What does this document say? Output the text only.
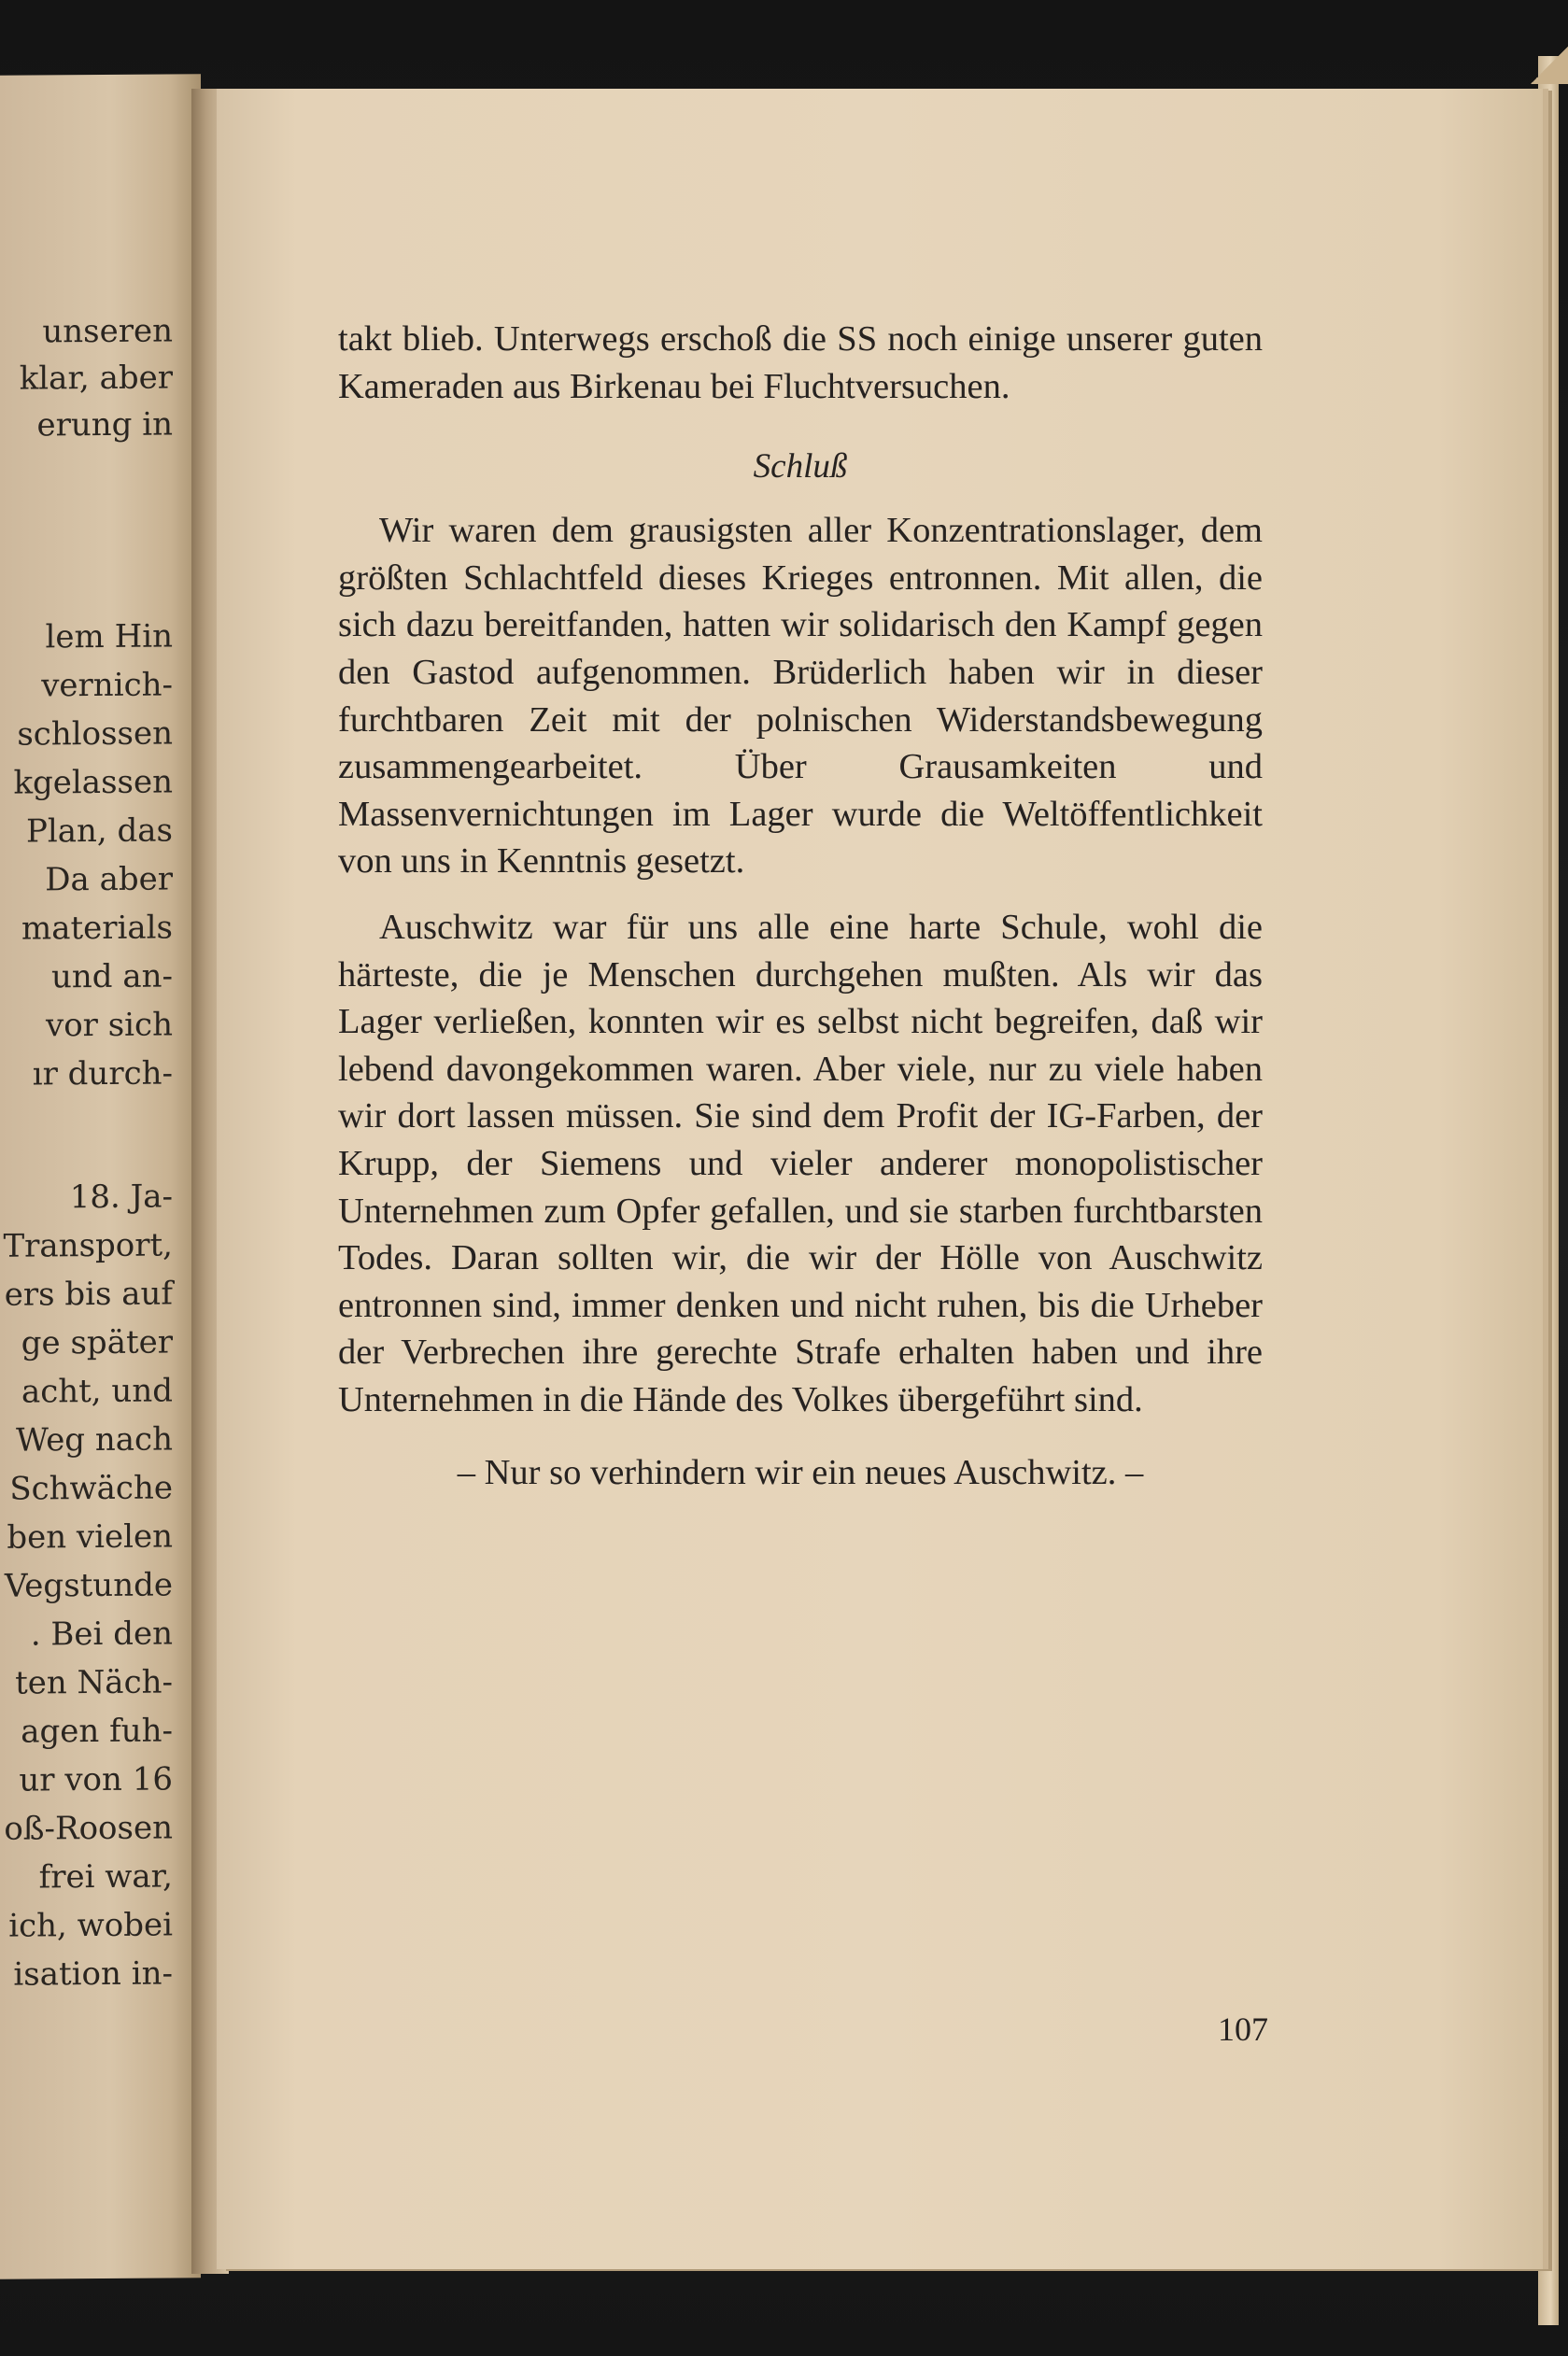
unseren
klar, aber
erung in
lem Hin
vernich-
schlossen
kgelassen
Plan, das
Da aber
materials
und an-
vor sich
ır durch-
18. Ja-
Transport,
ers bis auf
ge später
acht, und
Weg nach
Schwäche
ben vielen
Vegstunde
. Bei den
ten Näch-
agen fuh-
ur von 16
oß-Roosen
frei war,
ich, wobei
isation in-

takt blieb. Unterwegs erschoß die SS noch einige unserer guten Kameraden aus Birkenau bei Fluchtversuchen.

Schluß

Wir waren dem grausigsten aller Konzentrationslager, dem größten Schlachtfeld dieses Krieges entronnen. Mit allen, die sich dazu bereitfanden, hatten wir solidarisch den Kampf gegen den Gastod aufgenommen. Brüderlich haben wir in dieser furchtbaren Zeit mit der polnischen Widerstandsbewegung zusammengearbeitet. Über Grausamkeiten und Massenvernichtungen im Lager wurde die Weltöffentlichkeit von uns in Kenntnis gesetzt.

Auschwitz war für uns alle eine harte Schule, wohl die härteste, die je Menschen durchgehen mußten. Als wir das Lager verließen, konnten wir es selbst nicht begreifen, daß wir lebend davongekommen waren. Aber viele, nur zu viele haben wir dort lassen müssen. Sie sind dem Profit der IG-Farben, der Krupp, der Siemens und vieler anderer monopolistischer Unternehmen zum Opfer gefallen, und sie starben furchtbarsten Todes. Daran sollten wir, die wir der Hölle von Auschwitz entronnen sind, immer denken und nicht ruhen, bis die Urheber der Verbrechen ihre gerechte Strafe erhalten haben und ihre Unternehmen in die Hände des Volkes übergeführt sind.

– Nur so verhindern wir ein neues Auschwitz. –
107
